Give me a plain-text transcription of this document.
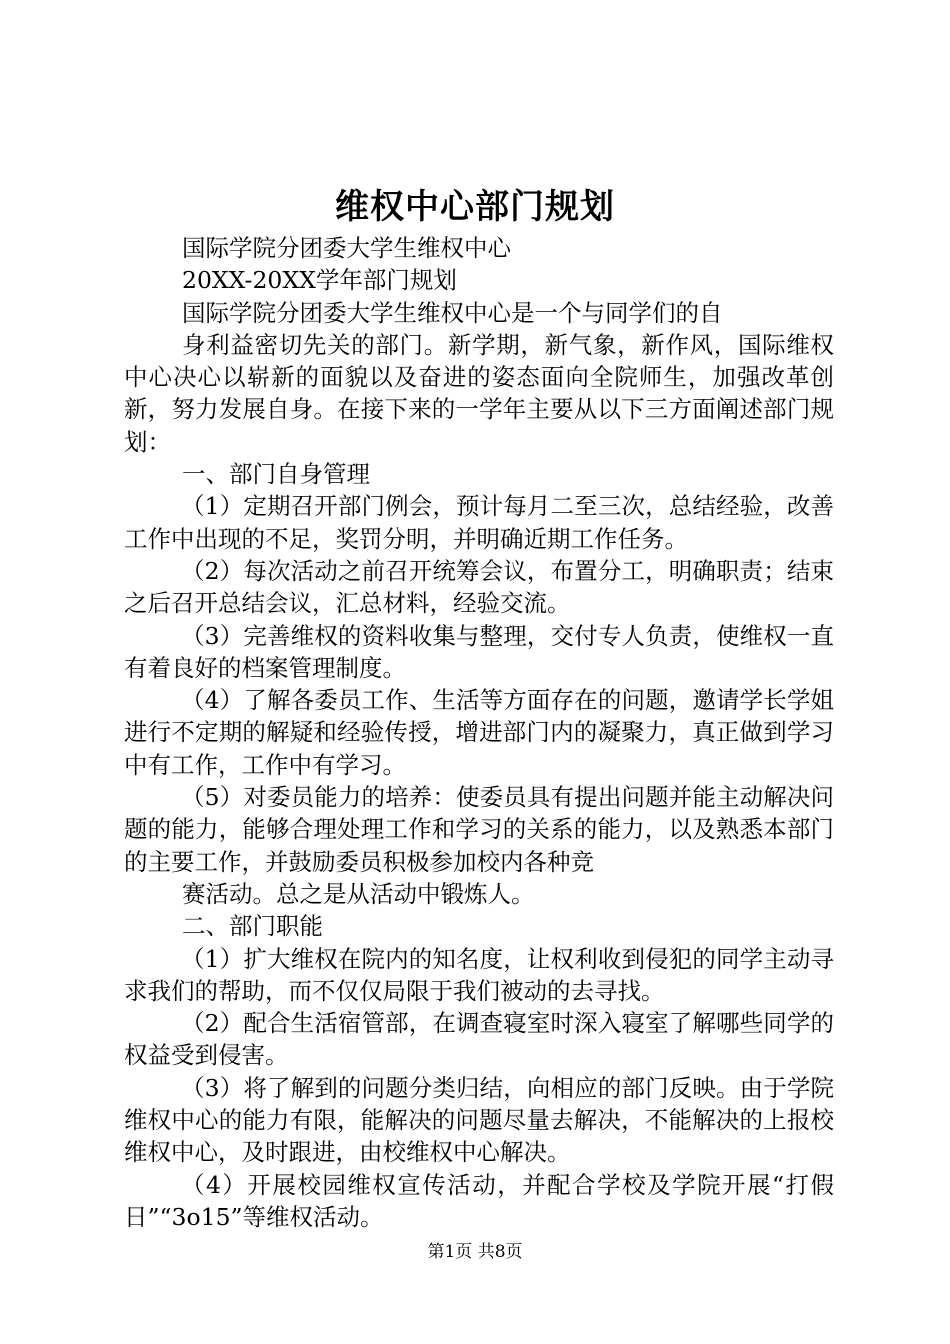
维权中心部门规划

国际学院分团委大学生维权中心

20XX-20XX学年部门规划

国际学院分团委大学生维权中心是一个与同学们的自

身利益密切先关的部门。新学期，新气象，新作风，国际维权中心决心以崭新的面貌以及奋进的姿态面向全院师生，加强改革创新，努力发展自身。在接下来的一学年主要从以下三方面阐述部门规划：

一、部门自身管理

（1）定期召开部门例会，预计每月二至三次，总结经验，改善工作中出现的不足，奖罚分明，并明确近期工作任务。

（2）每次活动之前召开统筹会议，布置分工，明确职责；结束之后召开总结会议，汇总材料，经验交流。

（3）完善维权的资料收集与整理，交付专人负责，使维权一直有着良好的档案管理制度。

（4）了解各委员工作、生活等方面存在的问题，邀请学长学姐进行不定期的解疑和经验传授，增进部门内的凝聚力，真正做到学习中有工作，工作中有学习。

（5）对委员能力的培养：使委员具有提出问题并能主动解决问题的能力，能够合理处理工作和学习的关系的能力，以及熟悉本部门的主要工作，并鼓励委员积极参加校内各种竞

赛活动。总之是从活动中锻炼人。

二、部门职能

（1）扩大维权在院内的知名度，让权利收到侵犯的同学主动寻求我们的帮助，而不仅仅局限于我们被动的去寻找。

（2）配合生活宿管部，在调查寝室时深入寝室了解哪些同学的权益受到侵害。

（3）将了解到的问题分类归结，向相应的部门反映。由于学院维权中心的能力有限，能解决的问题尽量去解决，不能解决的上报校维权中心，及时跟进，由校维权中心解决。

（4）开展校园维权宣传活动，并配合学校及学院开展“打假日”“3o15”等维权活动。

第1页 共8页
